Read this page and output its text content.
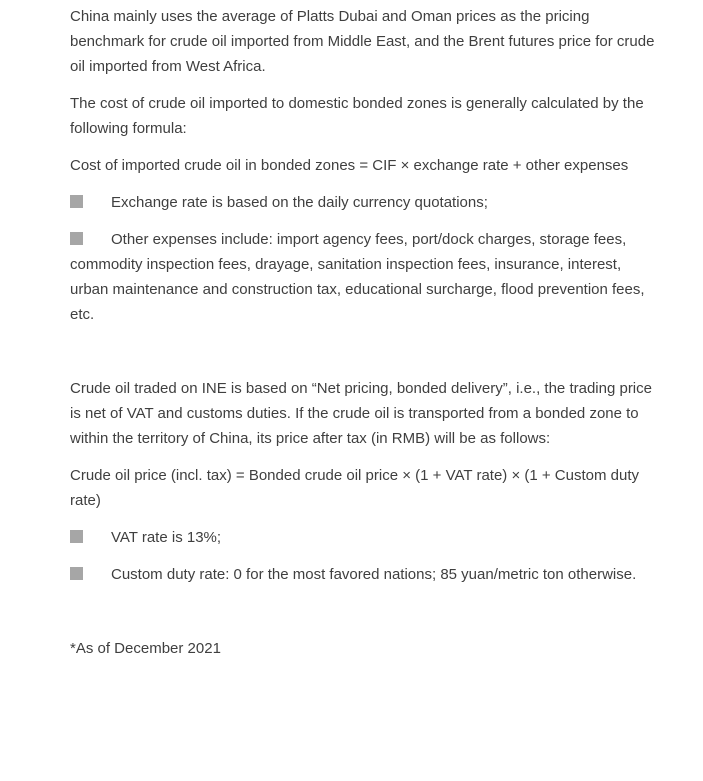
China mainly uses the average of Platts Dubai and Oman prices as the pricing benchmark for crude oil imported from Middle East, and the Brent futures price for crude oil imported from West Africa.

The cost of crude oil imported to domestic bonded zones is generally calculated by the following formula:

Cost of imported crude oil in bonded zones = CIF × exchange rate + other expenses

Exchange rate is based on the daily currency quotations;

Other expenses include: import agency fees, port/dock charges, storage fees, commodity inspection fees, drayage, sanitation inspection fees, insurance, interest, urban maintenance and construction tax, educational surcharge, flood prevention fees, etc.

Crude oil traded on INE is based on “Net pricing, bonded delivery”, i.e., the trading price is net of VAT and customs duties. If the crude oil is transported from a bonded zone to within the territory of China, its price after tax (in RMB) will be as follows:

Crude oil price (incl. tax) = Bonded crude oil price × (1 + VAT rate) × (1 + Custom duty rate)

VAT rate is 13%;

Custom duty rate: 0 for the most favored nations; 85 yuan/metric ton otherwise.

*As of December 2021
